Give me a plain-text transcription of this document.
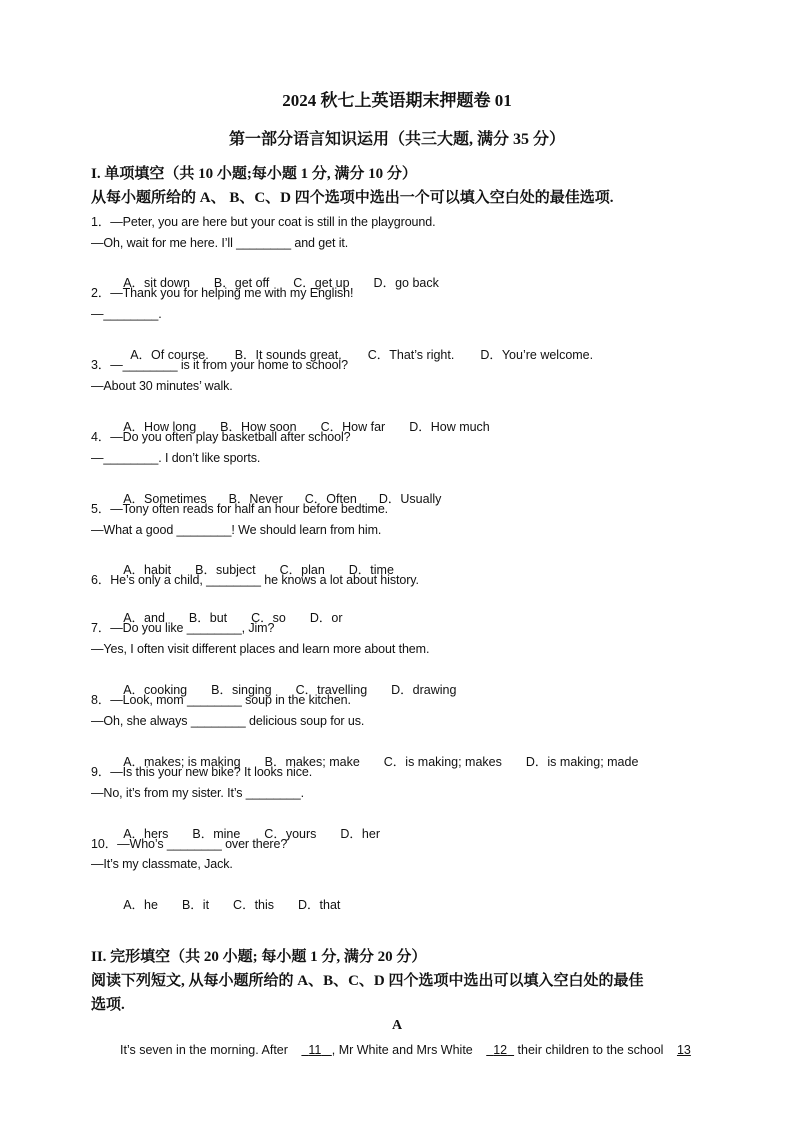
2024 秋七上英语期末押题卷 01
第一部分语言知识运用（共三大题, 满分 35 分）
I. 单项填空（共 10 小题;每小题 1 分, 满分 10 分）
从每小题所给的 A、 B、C、D 四个选项中选出一个可以填入空白处的最佳选项.
1．—Peter, you are here but your coat is still in the playground.
—Oh, wait for me here. I’ll ________ and get it.

A．sit down B．get off C．get up D．go back

2．—Thank you for helping me with my English!
—________.

A．Of course. B．It sounds great. C．That’s right. D．You’re welcome.

3．—________ is it from your home to school?
—About 30 minutes’ walk.

A．How long B．How soon C．How far D．How much

4．—Do you often play basketball after school?
—________. I don’t like sports.

A．Sometimes B．Never C．Often D．Usually

5．—Tony often reads for half an hour before bedtime.
—What a good ________! We should learn from him.

A．habit B．subject C．plan D．time

6．He’s only a child, ________ he knows a lot about history.

A．and B．but C．so D．or

7．—Do you like ________, Jim?
—Yes, I often visit different places and learn more about them.

A．cooking B．singing C．travelling D．drawing

8．—Look, mom ________ soup in the kitchen.
—Oh, she always ________ delicious soup for us.

A．makes; is making B．makes; make C．is making; makes D．is making; made

9．—Is this your new bike? It looks nice.
—No, it’s from my sister. It’s ________.

A．hers B．mine C．yours D．her

10．—Who’s ________ over there?
—It’s my classmate, Jack.

A．he B．it C．this D．that

II. 完形填空（共 20 小题; 每小题 1 分, 满分 20 分）
阅读下列短文, 从每小题所给的 A、B、C、D 四个选项中选出可以填入空白处的最佳
选项.
A
It’s seven in the morning. After 11 , Mr White and Mrs White 12 their children to the school 13
